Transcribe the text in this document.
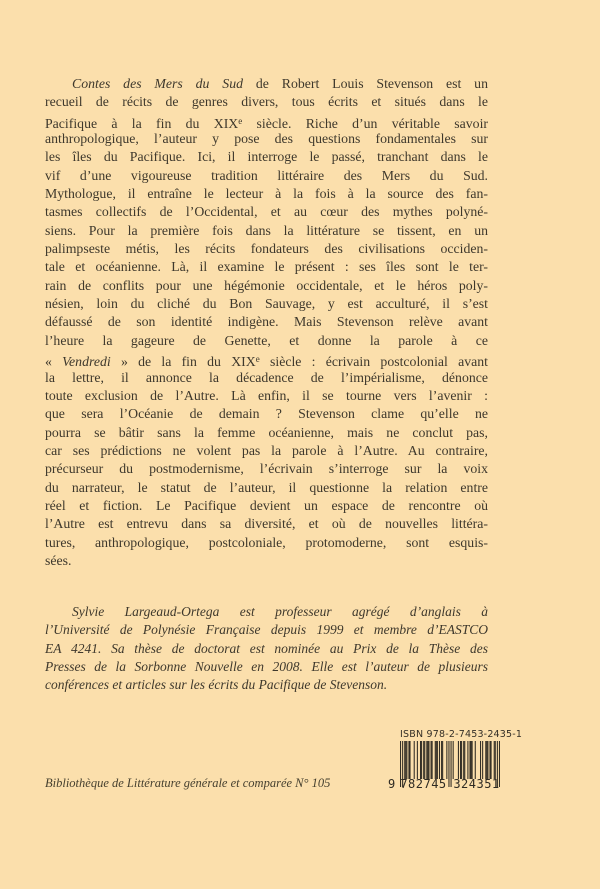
Contes des Mers du Sud de Robert Louis Stevenson est un
recueil de récits de genres divers, tous écrits et situés dans le
Pacifique à la fin du XIXe siècle. Riche d’un véritable savoir
anthropologique, l’auteur y pose des questions fondamentales sur
les îles du Pacifique. Ici, il interroge le passé, tranchant dans le
vif d’une vigoureuse tradition littéraire des Mers du Sud.
Mythologue, il entraîne le lecteur à la fois à la source des fan-
tasmes collectifs de l’Occidental, et au cœur des mythes polyné-
siens. Pour la première fois dans la littérature se tissent, en un
palimpseste métis, les récits fondateurs des civilisations occiden-
tale et océanienne. Là, il examine le présent : ses îles sont le ter-
rain de conflits pour une hégémonie occidentale, et le héros poly-
nésien, loin du cliché du Bon Sauvage, y est acculturé, il s’est
défaussé de son identité indigène. Mais Stevenson relève avant
l’heure la gageure de Genette, et donne la parole à ce
« Vendredi » de la fin du XIXe siècle : écrivain postcolonial avant
la lettre, il annonce la décadence de l’impérialisme, dénonce
toute exclusion de l’Autre. Là enfin, il se tourne vers l’avenir :
que sera l’Océanie de demain ? Stevenson clame qu’elle ne
pourra se bâtir sans la femme océanienne, mais ne conclut pas,
car ses prédictions ne volent pas la parole à l’Autre. Au contraire,
précurseur du postmodernisme, l’écrivain s’interroge sur la voix
du narrateur, le statut de l’auteur, il questionne la relation entre
réel et fiction. Le Pacifique devient un espace de rencontre où
l’Autre est entrevu dans sa diversité, et où de nouvelles littéra-
tures, anthropologique, postcoloniale, protomoderne, sont esquis-
sées.
Sylvie Largeaud-Ortega est professeur agrégé d’anglais à
l’Université de Polynésie Française depuis 1999 et membre d’EASTCO
EA 4241. Sa thèse de doctorat est nominée au Prix de la Thèse des
Presses de la Sorbonne Nouvelle en 2008. Elle est l’auteur de plusieurs
conférences et articles sur les écrits du Pacifique de Stevenson.
Bibliothèque de Littérature générale et comparée N° 105
ISBN 978-2-7453-2435-1
9 782745 324351
